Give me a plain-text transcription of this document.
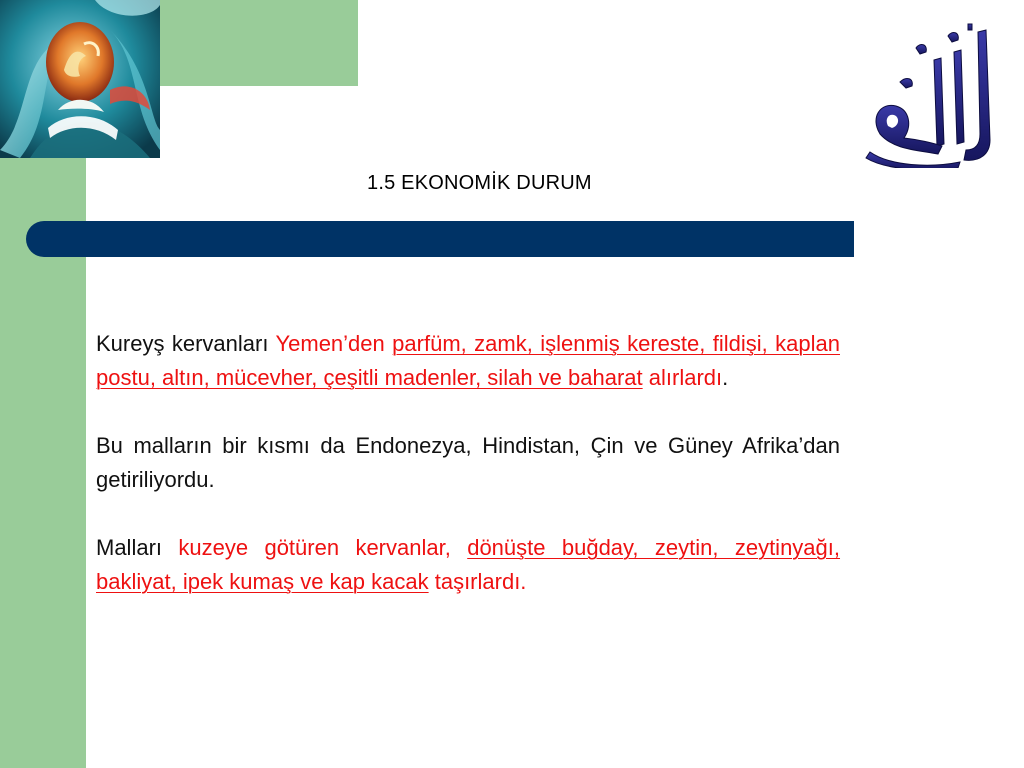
1.5 EKONOMİK DURUM

Kureyş kervanları Yemen’den parfüm, zamk, işlenmiş kereste, fildişi, kaplan postu, altın, mücevher, çeşitli madenler, silah ve baharat alırlardı.

Bu malların bir kısmı da Endonezya, Hindistan, Çin ve Güney Afrika’dan getiriliyordu.

Malları kuzeye götüren kervanlar, dönüşte buğday, zeytin, zeytinyağı, bakliyat, ipek kumaş ve kap kacak taşırlardı.
